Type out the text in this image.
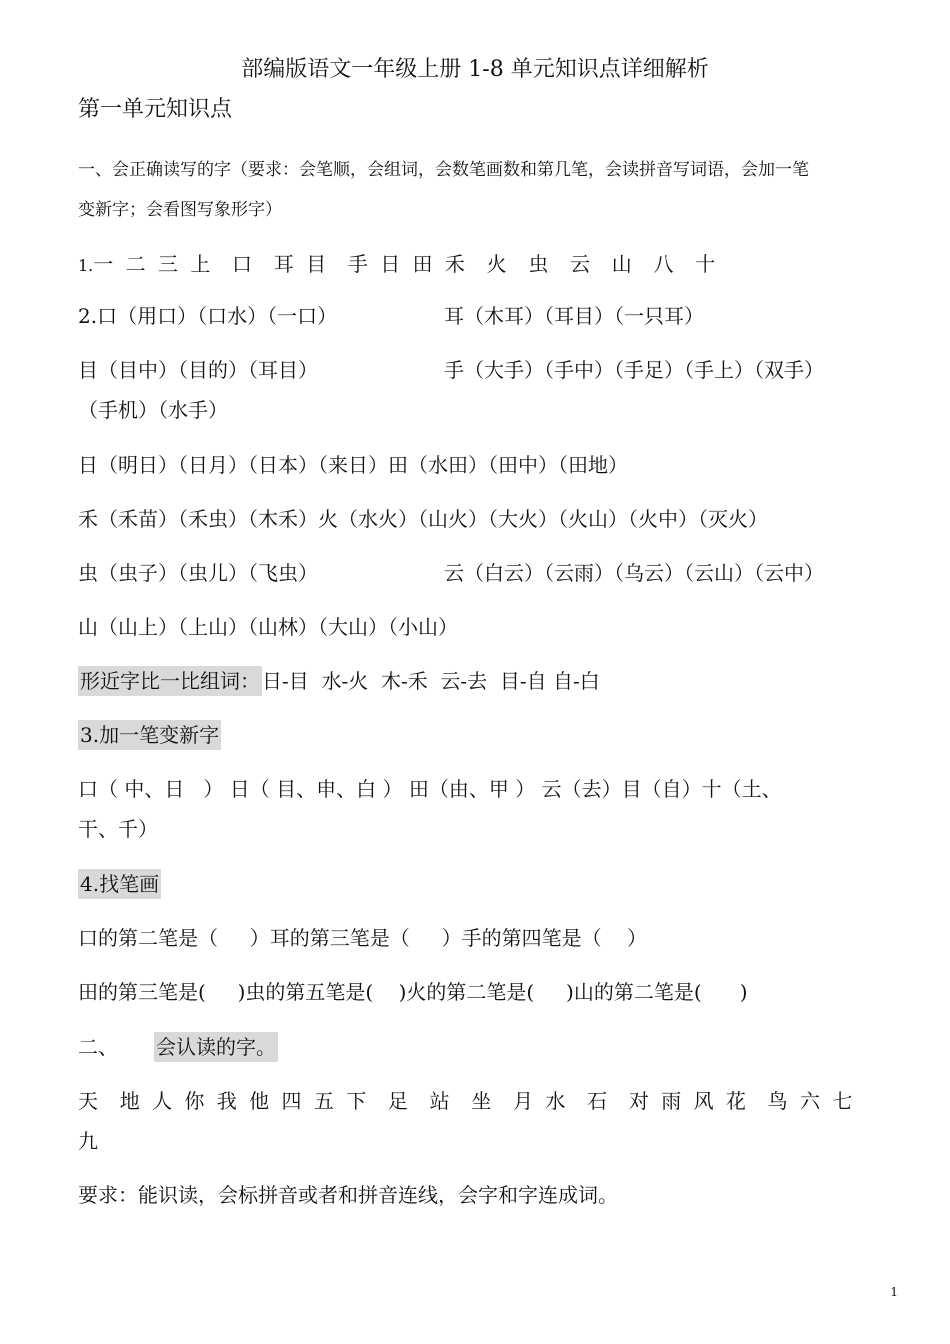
部编版语文一年级上册 1-8 单元知识点详细解析
第一单元知识点
一、会正确读写的字（要求：会笔顺，会组词，会数笔画数和第几笔，会读拼音写词语，会加一笔
变新字；会看图写象形字）
1.一 二 三 上  口  耳 目  手 日 田 禾  火  虫  云  山  八  十
2.口（用口）（口水）（一口）	耳（木耳）（耳目）（一只耳）
目（目中）（目的）（耳目）	手（大手）（手中）（手足）（手上）（双手）
（手机）（水手）
日（明日）（日月）（日本）（来日）田（水田）（田中）（田地）
禾（禾苗）（禾虫）（木禾）火（水火）（山火）（大火）（火山）（火中）（灭火）
虫（虫子）（虫儿）（飞虫）	云（白云）（云雨）（乌云）（云山）（云中）
山（山上）（上山）（山林）（大山）（小山）
形近字比一比组词： 日-目  水-火  木-禾  云-去  目-自 自-白
3.加一笔变新字
口（ 中、日   ） 日（ 目、申、白 ） 田（由、甲 ） 云（去）目（自）十（土、
干、千）
4.找笔画
口的第二笔是（     ）耳的第三笔是（     ）手的第四笔是（    ）
田的第三笔是(     )虫的第五笔是(    )火的第二笔是(     )山的第二笔是(      )
二、 会认读的字。
天  地 人 你 我 他 四 五 下  足  站  坐  月 水  石  对 雨 风 花  鸟 六 七
九
要求：能识读，会标拼音或者和拼音连线，会字和字连成词。
1
